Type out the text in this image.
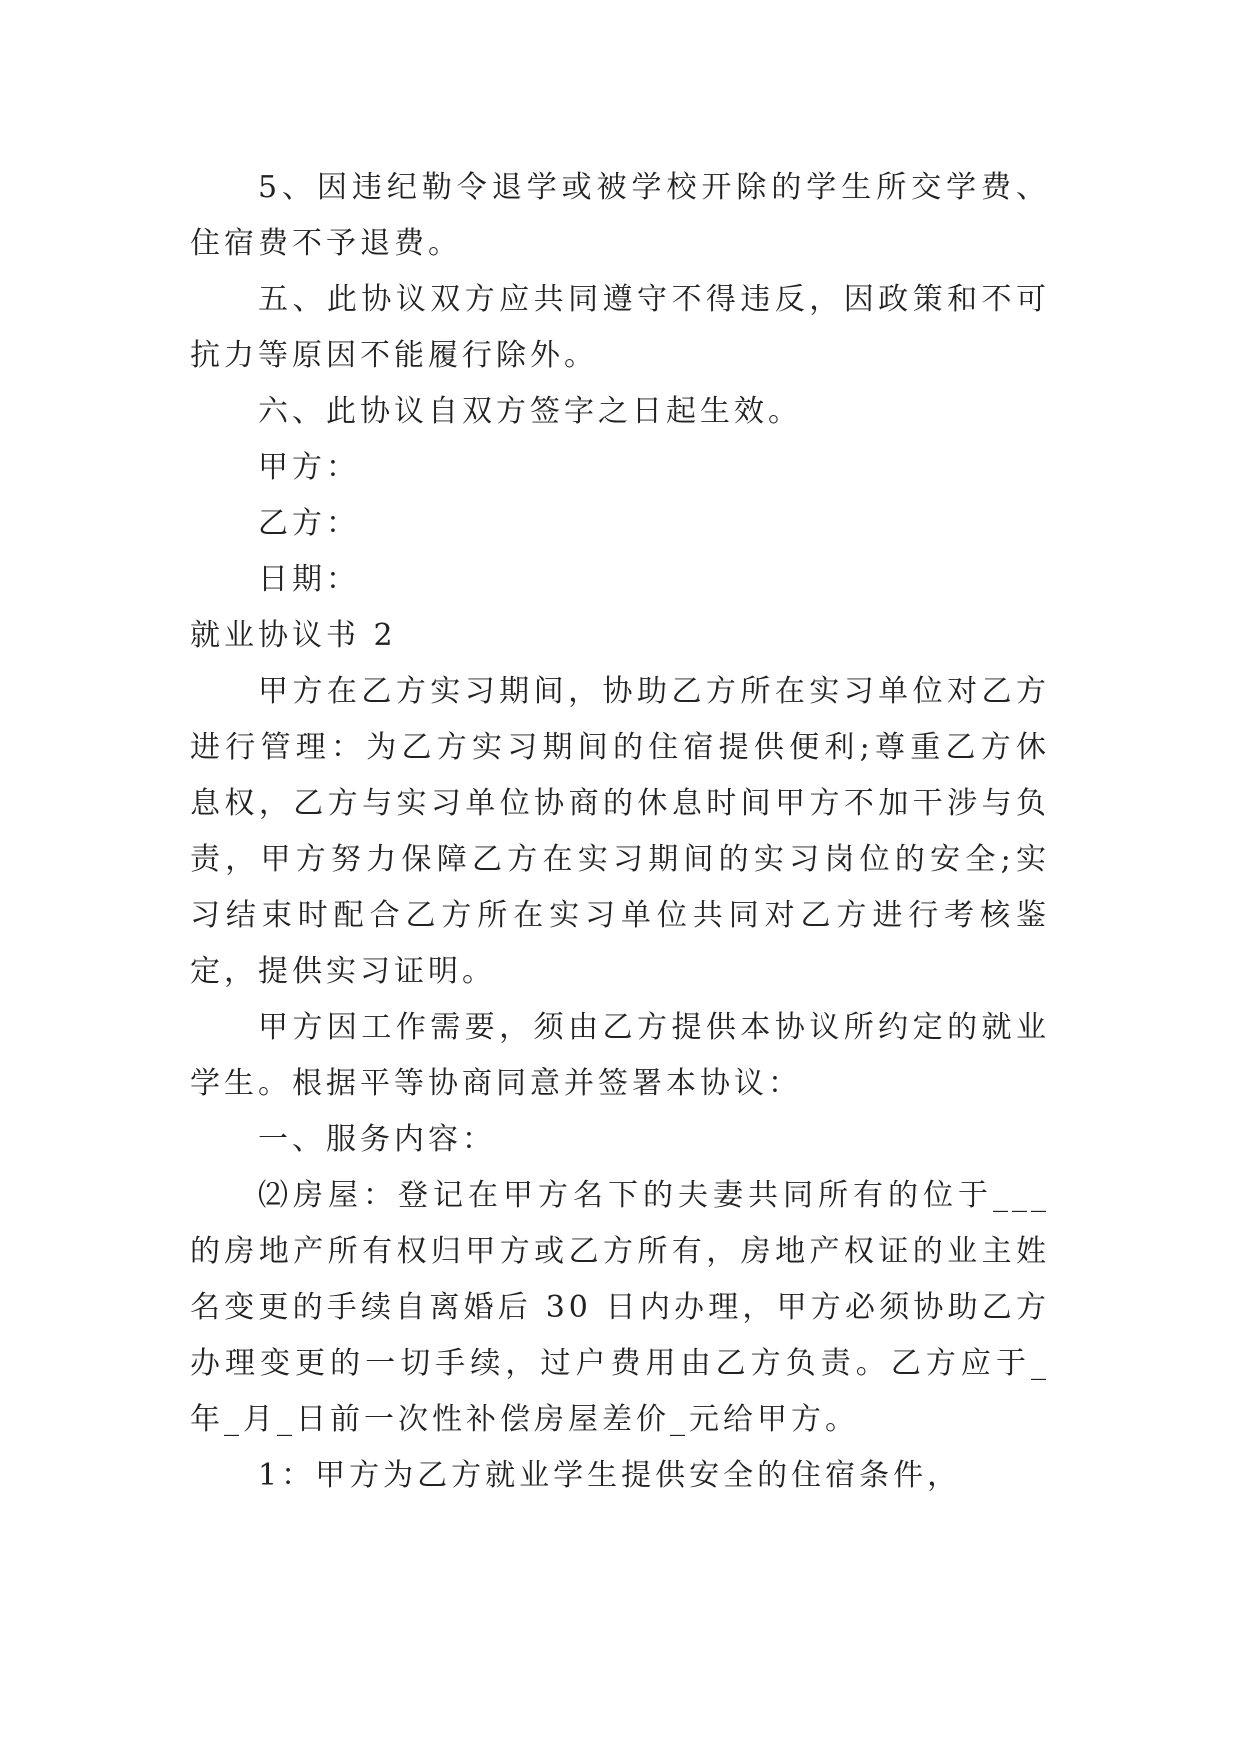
5、因违纪勒令退学或被学校开除的学生所交学费、住宿费不予退费。

五、此协议双方应共同遵守不得违反，因政策和不可抗力等原因不能履行除外。

六、此协议自双方签字之日起生效。

甲方：

乙方：

日期：

就业协议书 2

甲方在乙方实习期间，协助乙方所在实习单位对乙方进行管理：为乙方实习期间的住宿提供便利;尊重乙方休息权，乙方与实习单位协商的休息时间甲方不加干涉与负责，甲方努力保障乙方在实习期间的实习岗位的安全;实习结束时配合乙方所在实习单位共同对乙方进行考核鉴定，提供实习证明。

甲方因工作需要，须由乙方提供本协议所约定的就业学生。根据平等协商同意并签署本协议：

一、服务内容：

⑵房屋：登记在甲方名下的夫妻共同所有的位于___的房地产所有权归甲方或乙方所有，房地产权证的业主姓名变更的手续自离婚后 30 日内办理，甲方必须协助乙方办理变更的一切手续，过户费用由乙方负责。乙方应于_年_月_日前一次性补偿房屋差价_元给甲方。

1：甲方为乙方就业学生提供安全的住宿条件，
